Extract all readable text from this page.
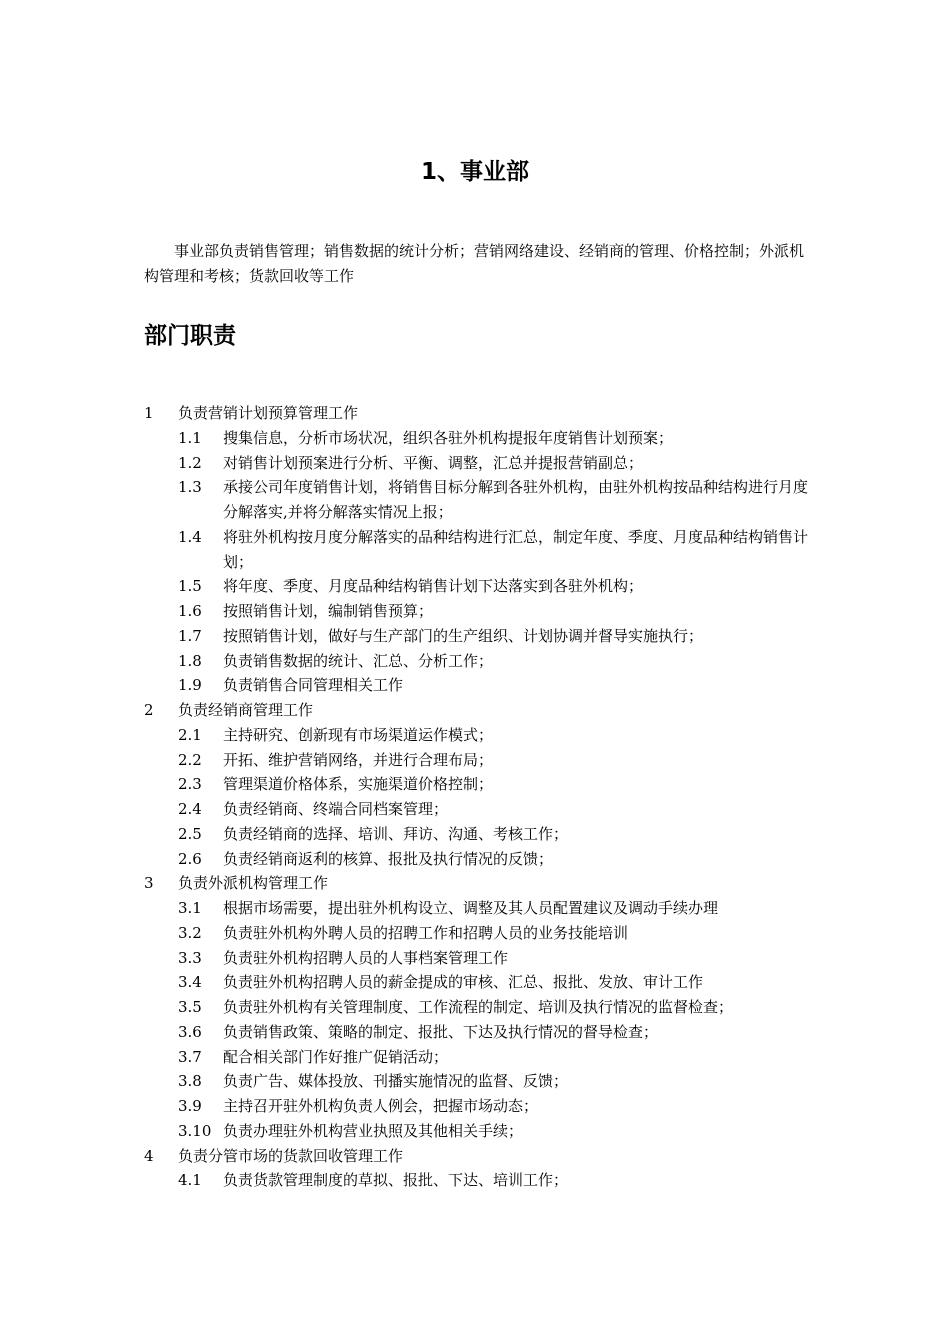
1、事业部
事业部负责销售管理；销售数据的统计分析；营销网络建设、经销商的管理、价格控制；外派机构管理和考核；货款回收等工作
部门职责
1 负责营销计划预算管理工作
1.1 搜集信息，分析市场状况，组织各驻外机构提报年度销售计划预案；
1.2 对销售计划预案进行分析、平衡、调整，汇总并提报营销副总；
1.3 承接公司年度销售计划，将销售目标分解到各驻外机构，由驻外机构按品种结构进行月度分解落实,并将分解落实情况上报；
1.4 将驻外机构按月度分解落实的品种结构进行汇总，制定年度、季度、月度品种结构销售计划；
1.5 将年度、季度、月度品种结构销售计划下达落实到各驻外机构；
1.6 按照销售计划，编制销售预算；
1.7 按照销售计划，做好与生产部门的生产组织、计划协调并督导实施执行；
1.8 负责销售数据的统计、汇总、分析工作；
1.9 负责销售合同管理相关工作
2 负责经销商管理工作
2.1 主持研究、创新现有市场渠道运作模式；
2.2 开拓、维护营销网络，并进行合理布局；
2.3 管理渠道价格体系，实施渠道价格控制；
2.4 负责经销商、终端合同档案管理；
2.5 负责经销商的选择、培训、拜访、沟通、考核工作；
2.6 负责经销商返利的核算、报批及执行情况的反馈；
3 负责外派机构管理工作
3.1 根据市场需要，提出驻外机构设立、调整及其人员配置建议及调动手续办理
3.2 负责驻外机构外聘人员的招聘工作和招聘人员的业务技能培训
3.3 负责驻外机构招聘人员的人事档案管理工作
3.4 负责驻外机构招聘人员的薪金提成的审核、汇总、报批、发放、审计工作
3.5 负责驻外机构有关管理制度、工作流程的制定、培训及执行情况的监督检查；
3.6 负责销售政策、策略的制定、报批、下达及执行情况的督导检查；
3.7 配合相关部门作好推广促销活动；
3.8 负责广告、媒体投放、刊播实施情况的监督、反馈；
3.9 主持召开驻外机构负责人例会，把握市场动态；
3.10 负责办理驻外机构营业执照及其他相关手续；
4 负责分管市场的货款回收管理工作
4.1 负责货款管理制度的草拟、报批、下达、培训工作；
